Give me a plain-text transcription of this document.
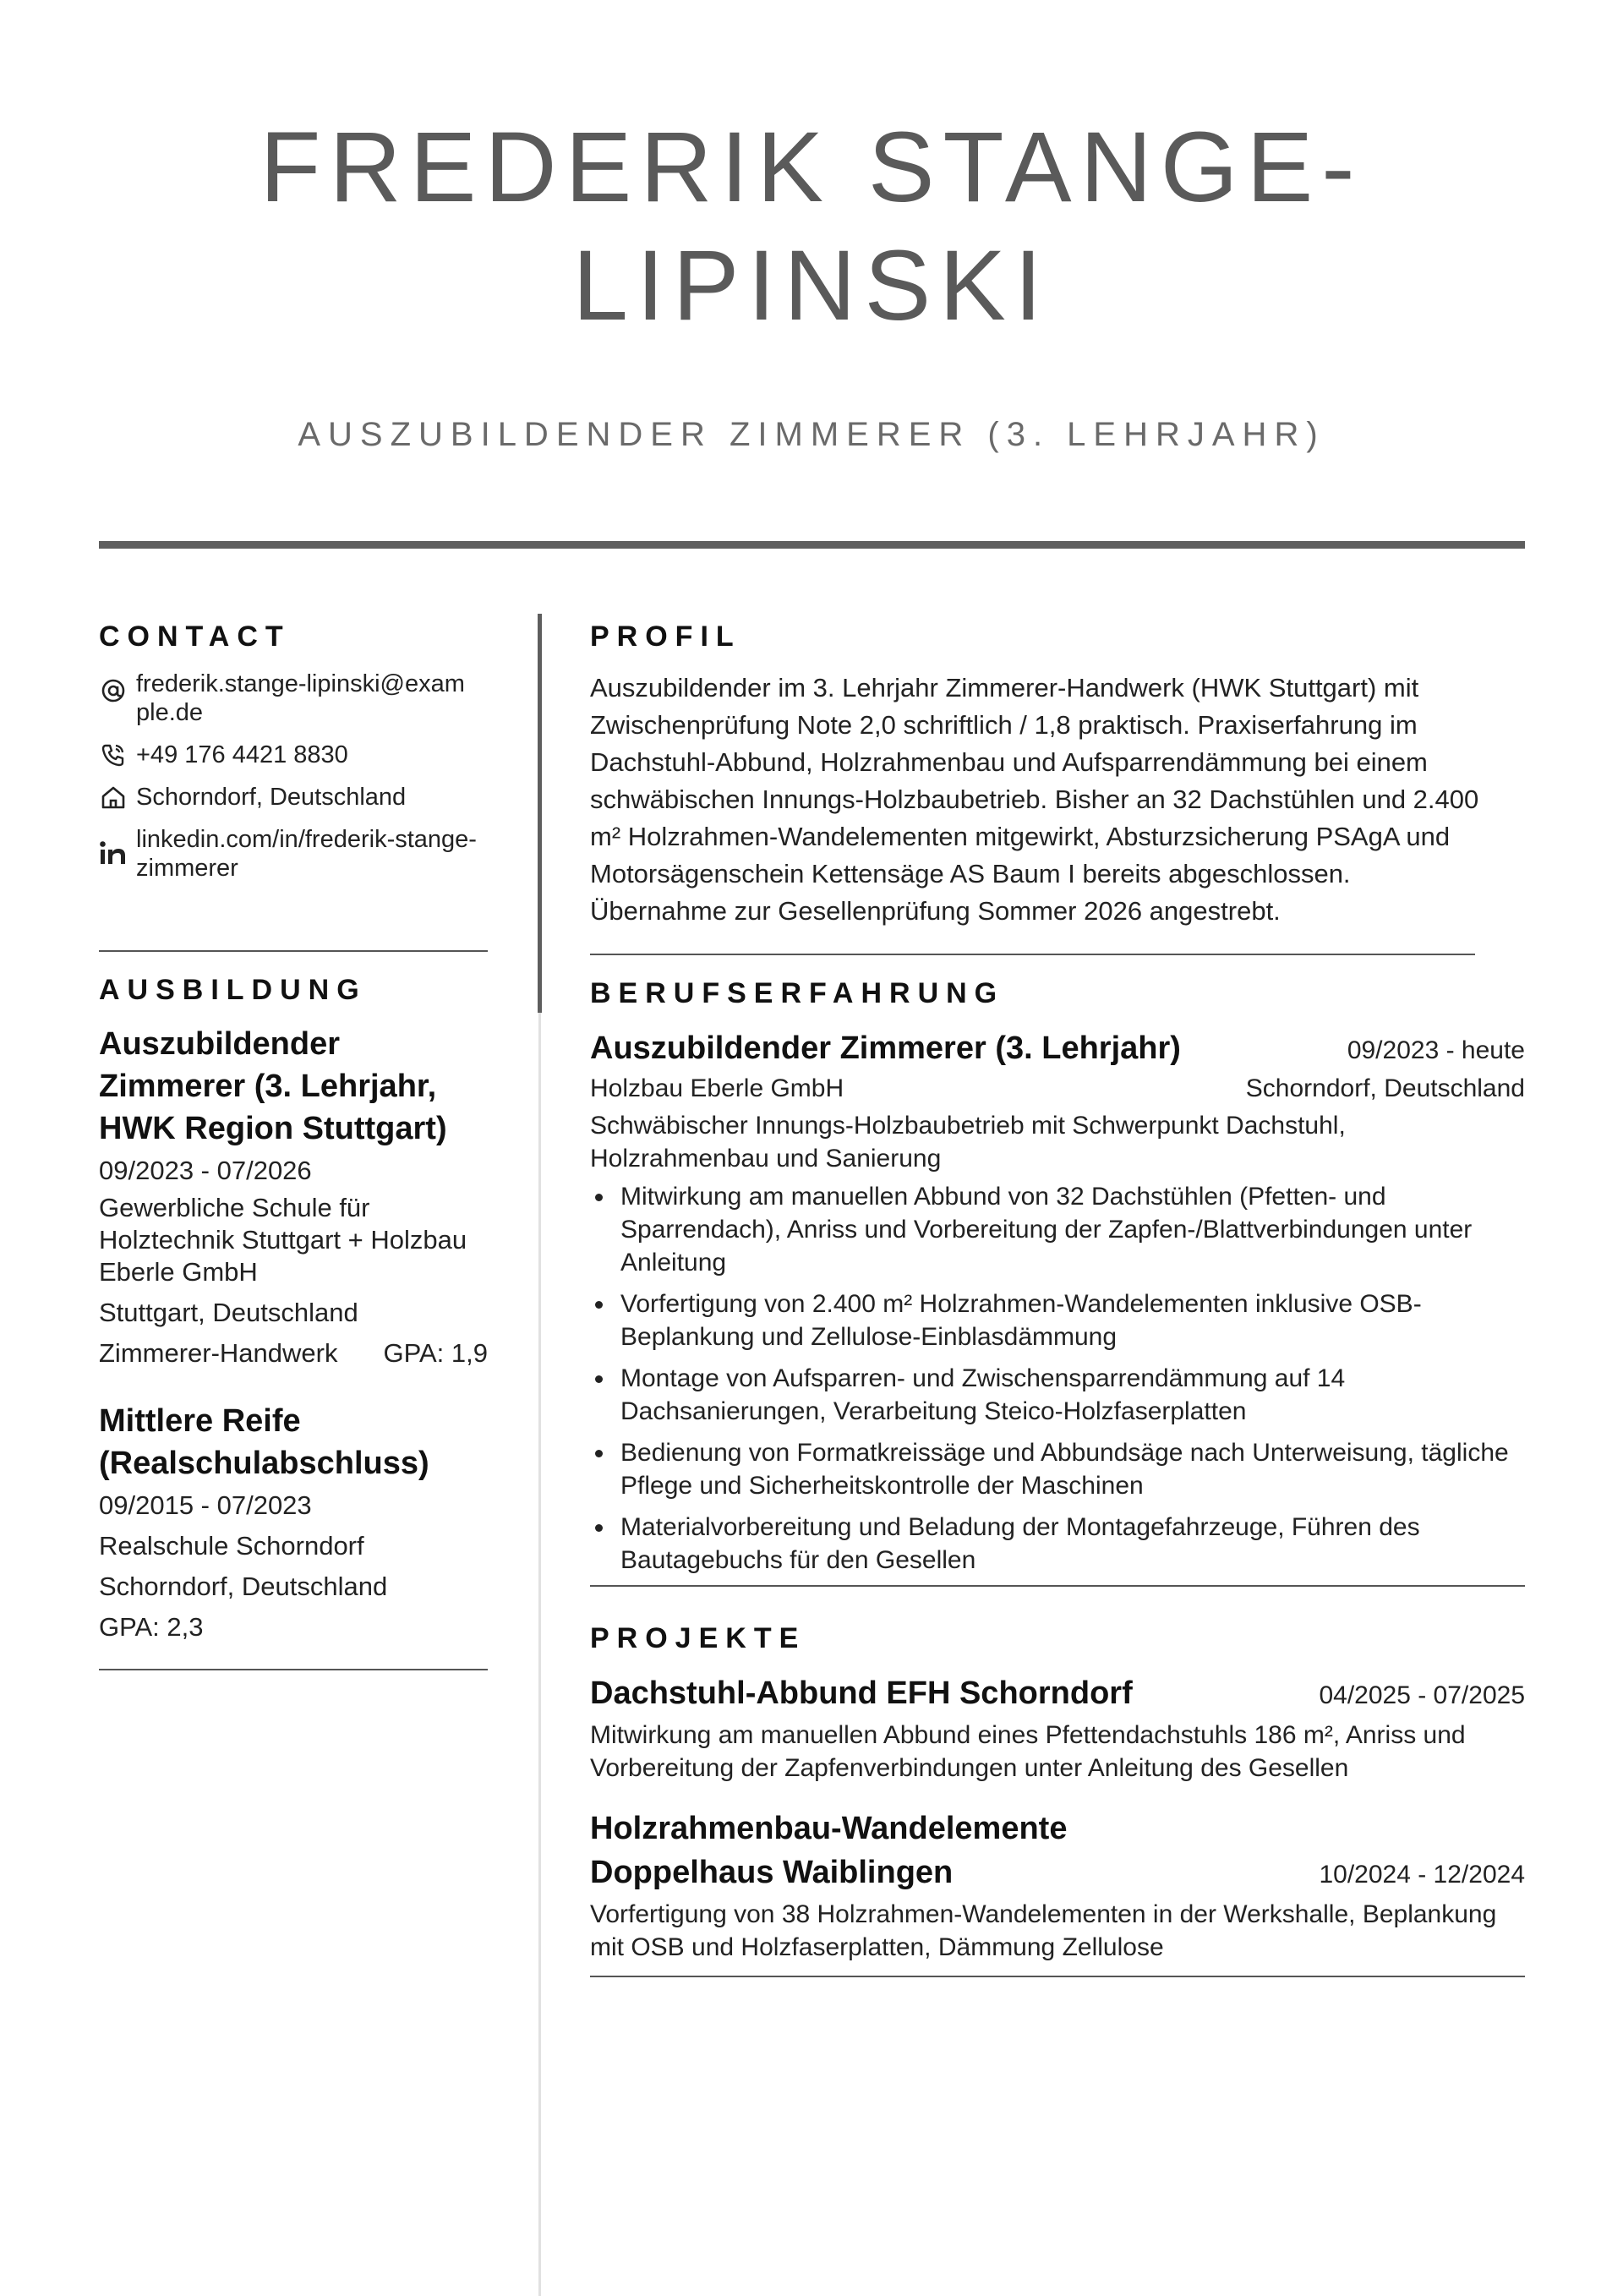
FREDERIK STANGE-
LIPINSKI
AUSZUBILDENDER ZIMMERER (3. LEHRJAHR)
CONTACT
frederik.stange-lipinski@example.de
+49 176 4421 8830
Schorndorf, Deutschland
linkedin.com/in/frederik-stange-zimmerer
AUSBILDUNG
Auszubildender Zimmerer (3. Lehrjahr, HWK Region Stuttgart)
09/2023 - 07/2026
Gewerbliche Schule für Holztechnik Stuttgart + Holzbau Eberle GmbH
Stuttgart, Deutschland
Zimmerer-Handwerk GPA: 1,9
Mittlere Reife (Realschulabschluss)
09/2015 - 07/2023
Realschule Schorndorf
Schorndorf, Deutschland
GPA: 2,3
PROFIL
Auszubildender im 3. Lehrjahr Zimmerer-Handwerk (HWK Stuttgart) mit Zwischenprüfung Note 2,0 schriftlich / 1,8 praktisch. Praxiserfahrung im Dachstuhl-Abbund, Holzrahmenbau und Aufsparrendämmung bei einem schwäbischen Innungs-Holzbaubetrieb. Bisher an 32 Dachstühlen und 2.400 m² Holzrahmen-Wandelementen mitgewirkt, Absturzsicherung PSAgA und Motorsägenschein Kettensäge AS Baum I bereits abgeschlossen. Übernahme zur Gesellenprüfung Sommer 2026 angestrebt.
BERUFSERFAHRUNG
Auszubildender Zimmerer (3. Lehrjahr)	09/2023 - heute
Holzbau Eberle GmbH	Schorndorf, Deutschland
Schwäbischer Innungs-Holzbaubetrieb mit Schwerpunkt Dachstuhl, Holzrahmenbau und Sanierung
Mitwirkung am manuellen Abbund von 32 Dachstühlen (Pfetten- und Sparrendach), Anriss und Vorbereitung der Zapfen-/Blattverbindungen unter Anleitung
Vorfertigung von 2.400 m² Holzrahmen-Wandelementen inklusive OSB-Beplankung und Zellulose-Einblasdämmung
Montage von Aufsparren- und Zwischensparrendämmung auf 14 Dachsanierungen, Verarbeitung Steico-Holzfaserplatten
Bedienung von Formatkreissäge und Abbundsäge nach Unterweisung, tägliche Pflege und Sicherheitskontrolle der Maschinen
Materialvorbereitung und Beladung der Montagefahrzeuge, Führen des Bautagebuchs für den Gesellen
PROJEKTE
Dachstuhl-Abbund EFH Schorndorf	04/2025 - 07/2025
Mitwirkung am manuellen Abbund eines Pfettendachstuhls 186 m², Anriss und Vorbereitung der Zapfenverbindungen unter Anleitung des Gesellen
Holzrahmenbau-Wandelemente
Doppelhaus Waiblingen	10/2024 - 12/2024
Vorfertigung von 38 Holzrahmen-Wandelementen in der Werkshalle, Beplankung mit OSB und Holzfaserplatten, Dämmung Zellulose
